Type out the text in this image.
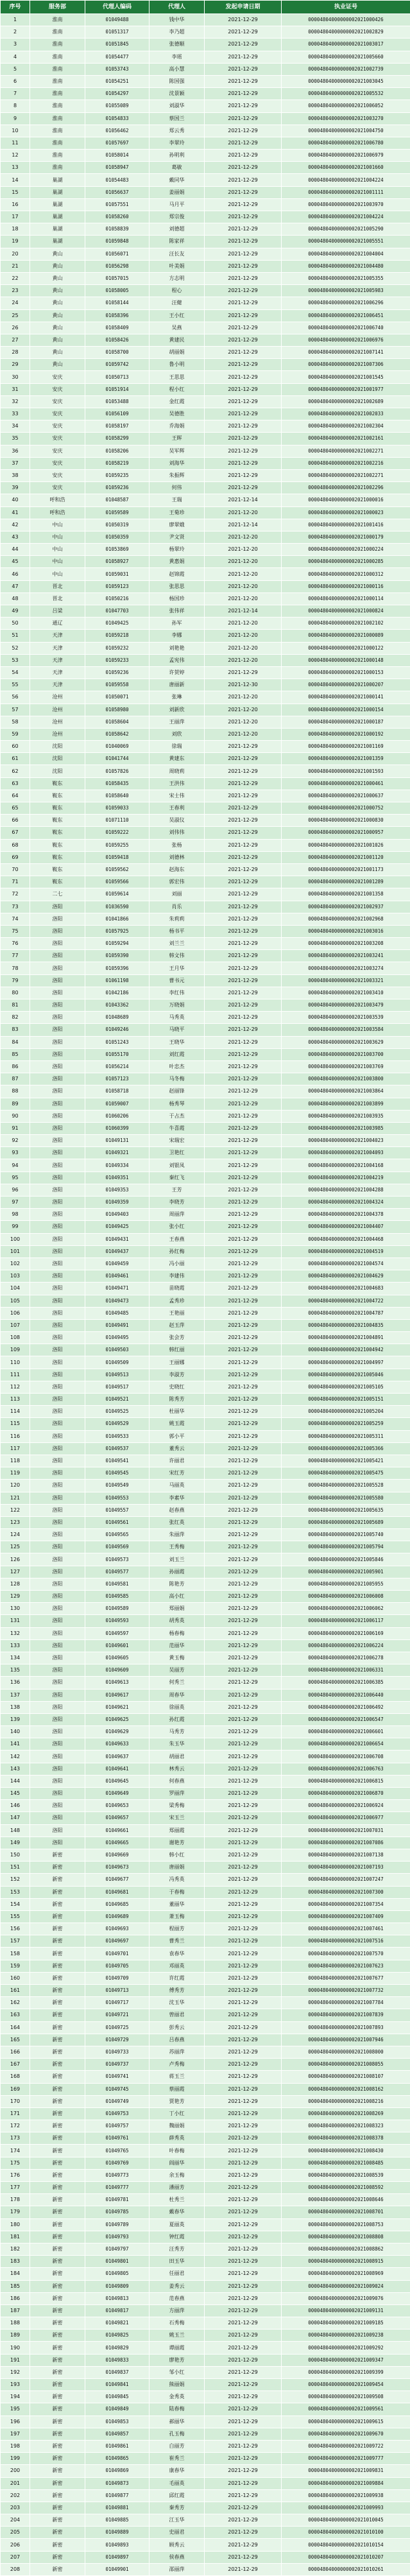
序号	服务部	代理人编码	代理人	发起申请日期	执业证号
1	淮南	01049488	钱中华	2021-12-29	00004804000000002021000426
2	淮南	01051317	李乃超	2021-12-29	00004804000000002021002829
3	淮南	01051845	张德顺	2021-12-29	00004804000000002021003017
4	淮南	01054477	李瑶	2021-12-29	00004804000000002021005660
5	淮南	01053743	高小慧	2021-12-29	00004804000000002021002739
6	淮南	01054251	陈国强	2021-12-29	00004804000000002021003045
7	淮南	01054297	沈景颖	2021-12-29	00004804000000002021005532
8	淮南	01055089	刘淑华	2021-12-29	00004804000000002021006052
9	淮南	01054833	蔡国兰	2021-12-29	00004804000000002021003270
10	淮南	01056462	郑云秀	2021-12-29	00004804000000002021004750
11	淮南	01057697	李翠玲	2021-12-29	00004804000000002021006780
12	淮南	01058014	孙明利	2021-12-29	00004804000000002021006979
13	淮南	01058947	葛敏	2021-12-29	00004804000000002021001660
14	巢湖	01054483	戴同华	2021-12-29	00004804000000002021004224
15	巢湖	01056637	姜丽娟	2021-12-29	00004804000000002021001111
16	巢湖	01057551	马月平	2021-12-29	00004804000000002021003970
17	巢湖	01058260	郑宗俊	2021-12-29	00004804000000002021004224
18	巢湖	01058839	刘德超	2021-12-29	00004804000000002021005290
19	巢湖	01059848	陈家祥	2021-12-29	00004804000000002021005551
20	黄山	01056071	汪长友	2021-12-29	00004804000000002021004004
21	黄山	01056298	叶美娟	2021-12-29	00004804000000002021004480
22	黄山	01057015	方志明	2021-12-29	00004804000000002021005355
23	黄山	01058005	程心	2021-12-29	00004804000000002021005983
24	黄山	01058144	汪健	2021-12-29	00004804000000002021006296
25	黄山	01058396	王小红	2021-12-29	00004804000000002021006451
26	黄山	01058409	吴燕	2021-12-29	00004804000000002021006740
27	黄山	01058426	黄建民	2021-12-29	00004804000000002021006976
28	黄山	01058700	胡丽娟	2021-12-29	00004804000000002021007141
29	黄山	01059742	鲁小明	2021-12-29	00004804000000002021007306
30	安庆	01050713	王思思	2021-12-29	00004804000000002021001545
31	安庆	01051914	程小红	2021-12-29	00004804000000002021001977
32	安庆	01053488	金红霞	2021-12-29	00004804000000002021002689
33	安庆	01056109	吴德胜	2021-12-29	00004804000000002021002033
34	安庆	01058197	乔海娟	2021-12-29	00004804000000002021002304
35	安庆	01058299	王晖	2021-12-29	00004804000000002021002161
36	安庆	01058206	吴军辉	2021-12-29	00004804000000002021002271
37	安庆	01058219	刘海华	2021-12-29	00004804000000002021002216
38	安庆	01059235	朱振辉	2021-12-29	00004804000000002021002271
39	安庆	01059236	何伟	2021-12-29	00004804000000002021002296
40	呼和浩	01048587	王瑞	2021-12-14	00004804000000002021000016
41	呼和浩	01059589	王菊珍	2021-12-20	00004804000000002021000023
42	中山	01050319	廖翠娥	2021-12-14	00004804000000002021001416
43	中山	01050359	尹文贤	2021-12-20	00004804000000002021000179
44	中山	01053869	杨翠玲	2021-12-20	00004804000000002021000224
45	中山	01058927	黄惠娟	2021-12-20	00004804000000002021000285
46	中山	01059031	赵锦霞	2021-12-20	00004804000000002021000312
47	晋北	01059123	张思思	2021-12-20	00004804000000002021000116
48	晋北	01050216	杨国珍	2021-12-20	00004804000000002021000114
49	吕梁	01047703	张伟祥	2021-12-14	00004804000000002021000824
50	通辽	01049425	孙军	2021-12-20	00004804000000002021002102
51	天津	01059218	李娜	2021-12-20	00004804000000002021000089
52	天津	01059232	刘艳艳	2021-12-20	00004804000000002021000122
53	天津	01059233	孟宪伟	2021-12-20	00004804000000002021000148
54	天津	01059236	许贺婷	2021-12-29	00004804000000002021000153
55	天津	01059558	唐丽新	2021-12-30	00004804000000002021000207
56	沧州	01050071	张琳	2021-12-20	00004804000000002021000141
57	沧州	01058980	刘新欣	2021-12-20	00004804000000002021000154
58	沧州	01058604	王丽萍	2021-12-20	00004804000000002021000187
59	沧州	01058642	刘欣	2021-12-20	00004804000000002021000192
60	沈阳	01040069	徐瑞	2021-12-29	00004804000000002021001169
61	沈阳	01041744	黄建东	2021-12-29	00004804000000002021001359
62	沈阳	01057826	周晓莉	2021-12-29	00004804000000002021001593
63	鞍东	01058435	王洪伟	2021-12-29	00004804000000002021000461
64	鞍东	01058640	宋士伟	2021-12-29	00004804000000002021000637
65	鞍东	01059033	王春利	2021-12-29	00004804000000002021000752
66	鞍东	01071110	吴淑仪	2021-12-29	00004804000000002021000830
67	鞍东	01059222	刘伟伟	2021-12-29	00004804000000002021000957
68	鞍东	01059255	张杨	2021-12-29	00004804000000002021001026
69	鞍东	01059418	刘德林	2021-12-29	00004804000000002021001120
70	鞍东	01059562	赵海东	2021-12-29	00004804000000002021001173
71	鞍东	01059566	郭宏伟	2021-12-29	00004804000000002021001289
72	二七	01059614	刘丽	2021-12-29	00004804000000002021001358
73	洛阳	01036590	肖乐	2021-12-29	00004804000000002021002937
74	洛阳	01041866	朱莉莉	2021-12-29	00004804000000002021002968
75	洛阳	01057925	杨书平	2021-12-29	00004804000000002021003016
76	洛阳	01059294	刘兰兰	2021-12-29	00004804000000002021003208
77	洛阳	01059390	韩文伟	2021-12-29	00004804000000002021003241
78	洛阳	01059396	王月华	2021-12-29	00004804000000002021003274
79	洛阳	01061198	曹书元	2021-12-29	00004804000000002021003321
80	洛阳	01042186	李红伟	2021-12-29	00004804000000002021003410
81	洛阳	01043362	万晓娟	2021-12-29	00004804000000002021003479
82	洛阳	01048689	马秀英	2021-12-29	00004804000000002021003539
83	洛阳	01049246	马晓平	2021-12-29	00004804000000002021003584
84	洛阳	01051243	王晓华	2021-12-29	00004804000000002021003629
85	洛阳	01055170	刘红霞	2021-12-29	00004804000000002021003700
86	洛阳	01056214	叶忠杰	2021-12-29	00004804000000002021003769
87	洛阳	01057123	马冬梅	2021-12-29	00004804000000002021003800
88	洛阳	01058718	赵丽锋	2021-12-29	00004804000000002021003864
89	洛阳	01059007	杨秀琴	2021-12-29	00004804000000002021003899
90	洛阳	01060206	于占杰	2021-12-29	00004804000000002021003935
91	洛阳	01060399	牛喜霞	2021-12-29	00004804000000002021003985
92	洛阳	01049131	宋瑞宏	2021-12-29	00004804000000002021004023
93	洛阳	01049321	卫艳红	2021-12-29	00004804000000002021004093
94	洛阳	01049334	刘银凤	2021-12-29	00004804000000002021004168
95	洛阳	01049351	秦红飞	2021-12-29	00004804000000002021004219
96	洛阳	01049353	王芳	2021-12-29	00004804000000002021004288
97	洛阳	01049359	李晓芳	2021-12-29	00004804000000002021004324
98	洛阳	01049403	周丽萍	2021-12-29	00004804000000002021004378
99	洛阳	01049425	张小红	2021-12-29	00004804000000002021004407
100	洛阳	01049431	王春燕	2021-12-29	00004804000000002021004468
101	洛阳	01049437	孙红梅	2021-12-29	00004804000000002021004519
102	洛阳	01049459	冯小丽	2021-12-29	00004804000000002021004574
103	洛阳	01049461	李建伟	2021-12-29	00004804000000002021004629
104	洛阳	01049471	苗晓霞	2021-12-29	00004804000000002021004683
105	洛阳	01049473	孟秀珍	2021-12-29	00004804000000002021004722
106	洛阳	01049485	王艳丽	2021-12-29	00004804000000002021004787
107	洛阳	01049491	赵玉萍	2021-12-29	00004804000000002021004835
108	洛阳	01049495	张会芳	2021-12-29	00004804000000002021004891
109	洛阳	01049503	韩红丽	2021-12-29	00004804000000002021004942
110	洛阳	01049509	王丽娜	2021-12-29	00004804000000002021004997
111	洛阳	01049513	李淑芳	2021-12-29	00004804000000002021005046
112	洛阳	01049517	史晓红	2021-12-29	00004804000000002021005105
113	洛阳	01049521	陈秀芳	2021-12-29	00004804000000002021005151
114	洛阳	01049525	杜丽华	2021-12-29	00004804000000002021005204
115	洛阳	01049529	姚玉霞	2021-12-29	00004804000000002021005259
116	洛阳	01049533	郭小平	2021-12-29	00004804000000002021005311
117	洛阳	01049537	董秀云	2021-12-29	00004804000000002021005366
118	洛阳	01049541	许丽君	2021-12-29	00004804000000002021005421
119	洛阳	01049545	宋红芳	2021-12-29	00004804000000002021005475
120	洛阳	01049549	马丽英	2021-12-29	00004804000000002021005528
121	洛阳	01049553	李素华	2021-12-29	00004804000000002021005580
122	洛阳	01049557	赵春燕	2021-12-29	00004804000000002021005635
123	洛阳	01049561	张红英	2021-12-29	00004804000000002021005689
124	洛阳	01049565	朱丽萍	2021-12-29	00004804000000002021005740
125	洛阳	01049569	王秀梅	2021-12-29	00004804000000002021005794
126	洛阳	01049573	刘玉兰	2021-12-29	00004804000000002021005846
127	洛阳	01049577	孙丽霞	2021-12-29	00004804000000002021005901
128	洛阳	01049581	陈艳芳	2021-12-29	00004804000000002021005955
129	洛阳	01049585	高小红	2021-12-29	00004804000000002021006008
130	洛阳	01049589	郑丽娟	2021-12-29	00004804000000002021006062
131	洛阳	01049593	胡秀英	2021-12-29	00004804000000002021006117
132	洛阳	01049597	杨春梅	2021-12-29	00004804000000002021006169
133	洛阳	01049601	范丽华	2021-12-29	00004804000000002021006224
134	洛阳	01049605	黄玉梅	2021-12-29	00004804000000002021006278
135	洛阳	01049609	吴丽芳	2021-12-29	00004804000000002021006331
136	洛阳	01049613	何秀兰	2021-12-29	00004804000000002021006385
137	洛阳	01049617	周春华	2021-12-29	00004804000000002021006440
138	洛阳	01049621	徐丽英	2021-12-29	00004804000000002021006492
139	洛阳	01049625	孙红霞	2021-12-29	00004804000000002021006547
140	洛阳	01049629	马秀芳	2021-12-29	00004804000000002021006601
141	洛阳	01049633	朱玉华	2021-12-29	00004804000000002021006654
142	洛阳	01049637	胡丽君	2021-12-29	00004804000000002021006708
143	洛阳	01049641	林秀云	2021-12-29	00004804000000002021006763
144	洛阳	01049645	何春燕	2021-12-29	00004804000000002021006815
145	洛阳	01049649	罗丽萍	2021-12-29	00004804000000002021006870
146	洛阳	01049653	梁秀梅	2021-12-29	00004804000000002021006924
147	洛阳	01049657	宋玉兰	2021-12-29	00004804000000002021006977
148	洛阳	01049661	郑丽霞	2021-12-29	00004804000000002021007031
149	洛阳	01049665	谢艳芳	2021-12-29	00004804000000002021007086
150	新密	01049669	韩小红	2021-12-29	00004804000000002021007138
151	新密	01049673	唐丽娟	2021-12-29	00004804000000002021007193
152	新密	01049677	冯秀英	2021-12-29	00004804000000002021007247
153	新密	01049681	于春梅	2021-12-29	00004804000000002021007300
154	新密	01049685	董丽华	2021-12-29	00004804000000002021007354
155	新密	01049689	萧玉梅	2021-12-29	00004804000000002021007409
156	新密	01049693	程丽芳	2021-12-29	00004804000000002021007461
157	新密	01049697	曹秀兰	2021-12-29	00004804000000002021007516
158	新密	01049701	袁春华	2021-12-29	00004804000000002021007570
159	新密	01049705	邓丽英	2021-12-29	00004804000000002021007623
160	新密	01049709	许红霞	2021-12-29	00004804000000002021007677
161	新密	01049713	傅秀芳	2021-12-29	00004804000000002021007732
162	新密	01049717	沈玉华	2021-12-29	00004804000000002021007784
163	新密	01049721	曾丽君	2021-12-29	00004804000000002021007839
164	新密	01049725	彭秀云	2021-12-29	00004804000000002021007893
165	新密	01049729	吕春燕	2021-12-29	00004804000000002021007946
166	新密	01049733	苏丽萍	2021-12-29	00004804000000002021008000
167	新密	01049737	卢秀梅	2021-12-29	00004804000000002021008055
168	新密	01049741	蒋玉兰	2021-12-29	00004804000000002021008107
169	新密	01049745	蔡丽霞	2021-12-29	00004804000000002021008162
170	新密	01049749	贾艳芳	2021-12-29	00004804000000002021008216
171	新密	01049753	丁小红	2021-12-29	00004804000000002021008269
172	新密	01049757	魏丽娟	2021-12-29	00004804000000002021008323
173	新密	01049761	薛秀英	2021-12-29	00004804000000002021008378
174	新密	01049765	叶春梅	2021-12-29	00004804000000002021008430
175	新密	01049769	阎丽华	2021-12-29	00004804000000002021008485
176	新密	01049773	余玉梅	2021-12-29	00004804000000002021008539
177	新密	01049777	潘丽芳	2021-12-29	00004804000000002021008592
178	新密	01049781	杜秀兰	2021-12-29	00004804000000002021008646
179	新密	01049785	戴春华	2021-12-29	00004804000000002021008701
180	新密	01049789	夏丽英	2021-12-29	00004804000000002021008753
181	新密	01049793	钟红霞	2021-12-29	00004804000000002021008808
182	新密	01049797	汪秀芳	2021-12-29	00004804000000002021008862
183	新密	01049801	田玉华	2021-12-29	00004804000000002021008915
184	新密	01049805	任丽君	2021-12-29	00004804000000002021008969
185	新密	01049809	姜秀云	2021-12-29	00004804000000002021009024
186	新密	01049813	范春燕	2021-12-29	00004804000000002021009076
187	新密	01049817	方丽萍	2021-12-29	00004804000000002021009131
188	新密	01049821	石秀梅	2021-12-29	00004804000000002021009185
189	新密	01049825	姚玉兰	2021-12-29	00004804000000002021009238
190	新密	01049829	谭丽霞	2021-12-29	00004804000000002021009292
191	新密	01049833	廖艳芳	2021-12-29	00004804000000002021009347
192	新密	01049837	邹小红	2021-12-29	00004804000000002021009399
193	新密	01049841	熊丽娟	2021-12-29	00004804000000002021009454
194	新密	01049845	金秀英	2021-12-29	00004804000000002021009508
195	新密	01049849	陆春梅	2021-12-29	00004804000000002021009561
196	新密	01049853	郝丽华	2021-12-29	00004804000000002021009615
197	新密	01049857	孔玉梅	2021-12-29	00004804000000002021009670
198	新密	01049861	白丽芳	2021-12-29	00004804000000002021009722
199	新密	01049865	崔秀兰	2021-12-29	00004804000000002021009777
200	新密	01049869	康春华	2021-12-29	00004804000000002021009831
201	新密	01049873	毛丽英	2021-12-29	00004804000000002021009884
202	新密	01049877	邱红霞	2021-12-29	00004804000000002021009938
203	新密	01049881	秦秀芳	2021-12-29	00004804000000002021009993
204	新密	01049885	江玉华	2021-12-29	00004804000000002021010045
205	新密	01049889	史丽君	2021-12-29	00004804000000002021010100
206	新密	01049893	顾秀云	2021-12-29	00004804000000002021010154
207	新密	01049897	侯春燕	2021-12-29	00004804000000002021010207
208	新密	01049901	邵丽萍	2021-12-29	00004804000000002021010261
